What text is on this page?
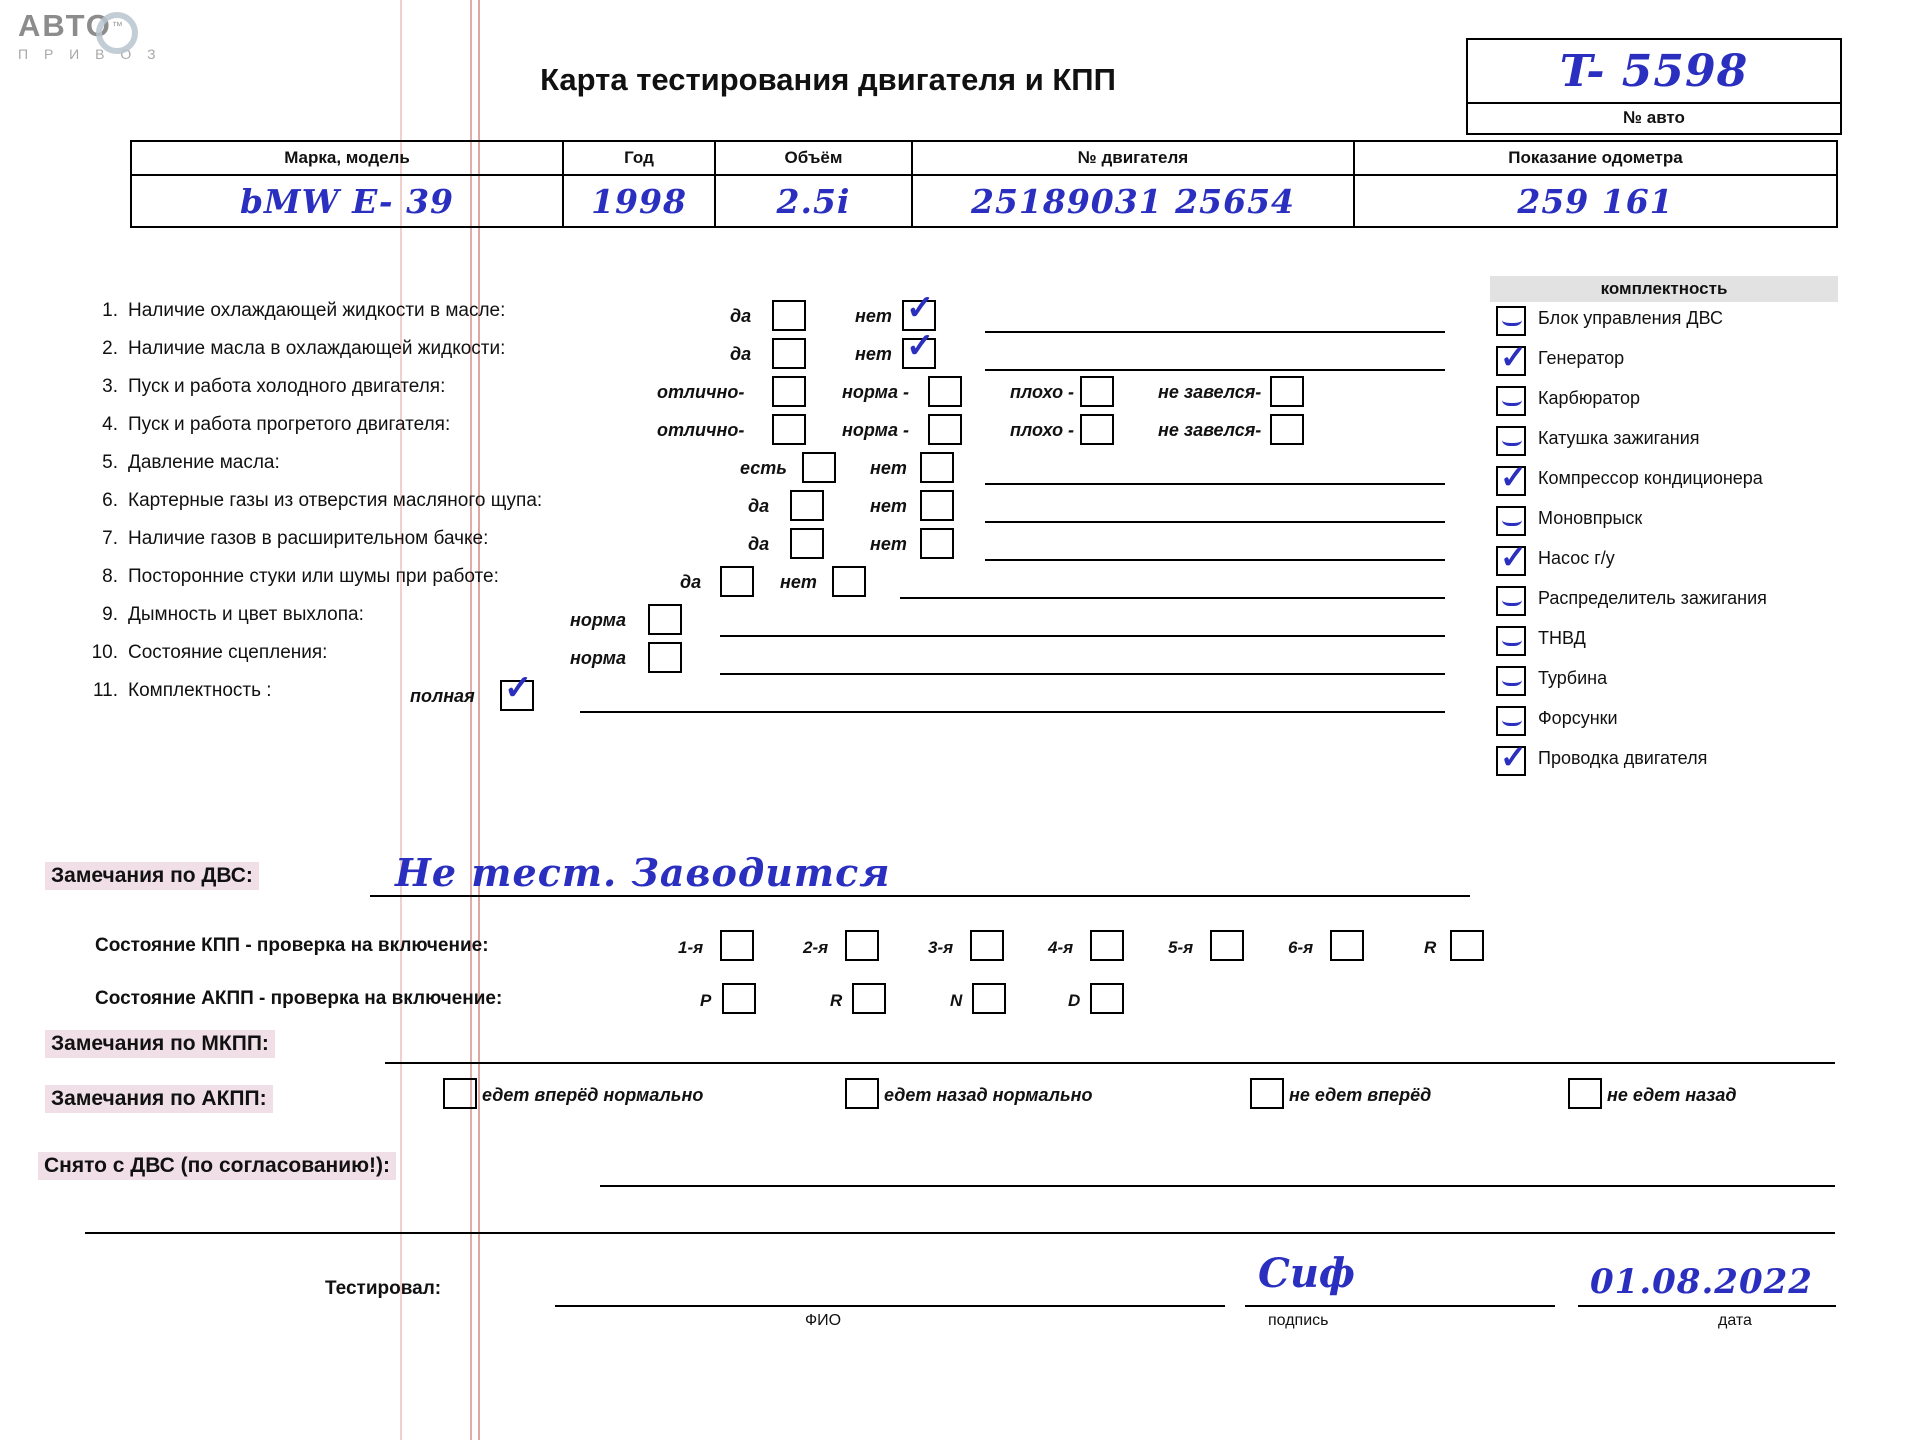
АВТО™
П Р И В О З
Карта тестирования двигателя и КПП	T- 5598
№ авто
Марка, модель	Год	Объём	№ двигателя	Показание одометра
bMW E- 39	1998	2.5i	25189031 25654	259 161
1. Наличие охлаждающей жидкости в масле:	да	нет ✓
2. Наличие масла в охлаждающей жидкости:	да	нет ✓
3. Пуск и работа холодного двигателя:	отлично-	норма -	плохо -	не завелся-
4. Пуск и работа прогретого двигателя:	отлично-	норма -	плохо -	не завелся-
5. Давление масла:	есть	нет
6. Картерные газы из отверстия масляного щупа:	да	нет
7. Наличие газов в расширительном бачке:	да	нет
8. Посторонние стуки или шумы при работе:	да	нет
9. Дымность и цвет выхлопа:	норма
10. Состояние сцепления:	норма
11. Комплектность :	полная ✓
комплектность
Блок управления ДВС
✓ Генератор
Карбюратор
Катушка зажигания
✓ Компрессор кондиционера
Моновпрыск
✓ Насос г/у
Распределитель зажигания
ТНВД
Турбина
Форсунки
✓ Проводка двигателя
Замечания по ДВС:	Не тест. Заводится
Состояние КПП - проверка на включение:	1-я	2-я	3-я	4-я	5-я	6-я	R
Состояние АКПП - проверка на включение:	P	R	N	D
Замечания по МКПП:
Замечания по АКПП:	едет вперёд нормально	едет назад нормально	не едет вперёд	не едет назад
Снято с ДВС (по согласованию!):
Тестировал:
ФИО
Сиф
подпись
01.08.2022
дата
